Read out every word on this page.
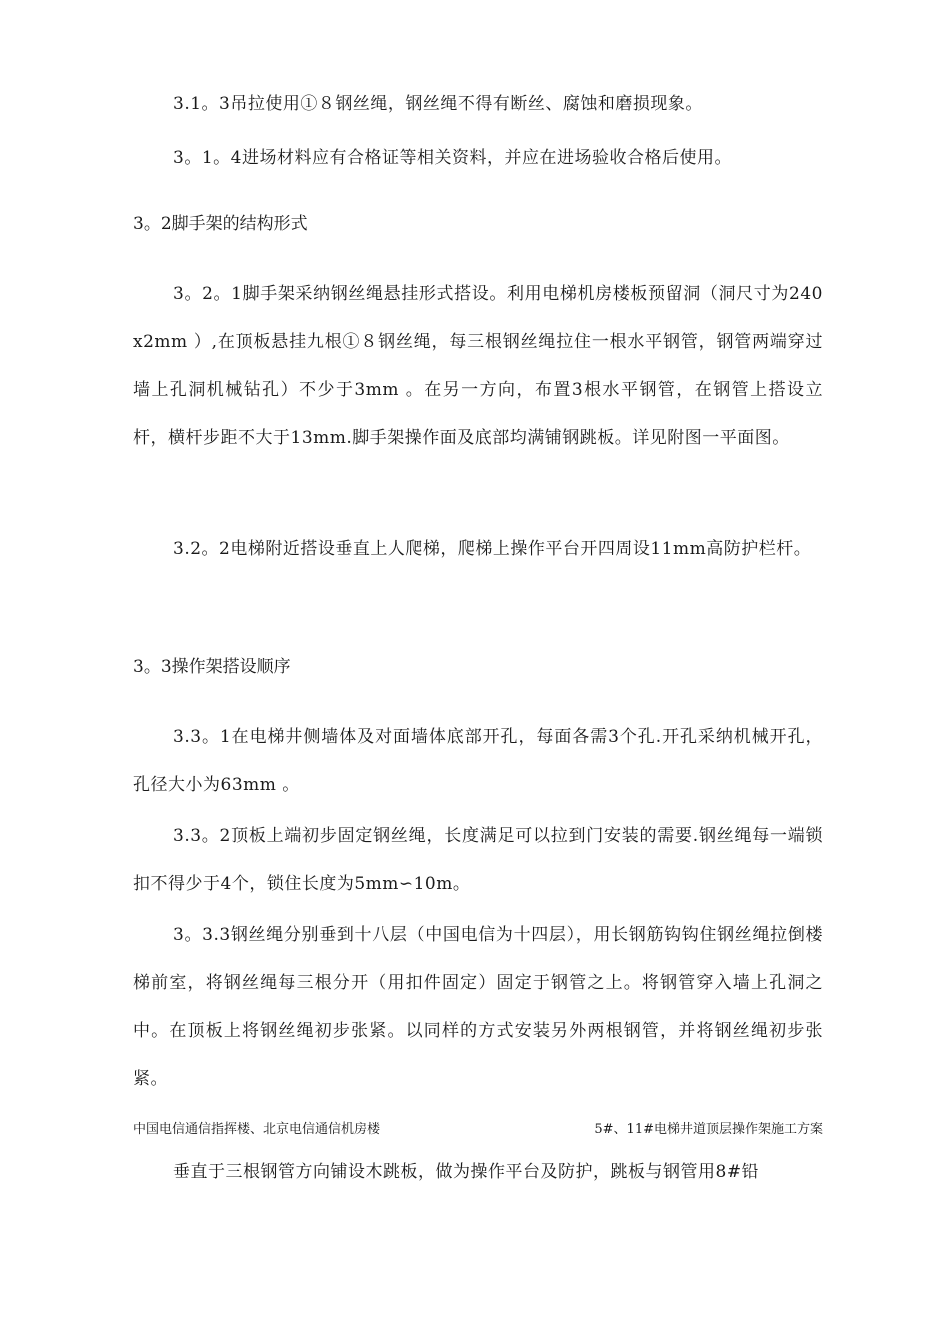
3.1。3吊拉使用①８钢丝绳，钢丝绳不得有断丝、腐蚀和磨损现象。

3。1。4进场材料应有合格证等相关资料，并应在进场验收合格后使用。

3。2脚手架的结构形式

3。2。1脚手架采纳钢丝绳悬挂形式搭设。利用电梯机房楼板预留洞（洞尺寸为240 x2mm ）,在顶板悬挂九根①８钢丝绳，每三根钢丝绳拉住一根水平钢管，钢管两端穿过墙上孔洞机械钻孔）不少于3mm 。在另一方向，布置3根水平钢管，在钢管上搭设立杆，横杆步距不大于13mm.脚手架操作面及底部均满铺钢跳板。详见附图一平面图。

3.2。2电梯附近搭设垂直上人爬梯，爬梯上操作平台开四周设11mm高防护栏杆。

3。3操作架搭设顺序

3.3。1在电梯井侧墙体及对面墙体底部开孔，每面各需3个孔.开孔采纳机械开孔，孔径大小为63mm 。

3.3。2顶板上端初步固定钢丝绳，长度满足可以拉到门安装的需要.钢丝绳每一端锁扣不得少于4个，锁住长度为5mm∽10m。

3。3.3钢丝绳分别垂到十八层（中国电信为十四层），用长钢筋钩钩住钢丝绳拉倒楼梯前室，将钢丝绳每三根分开（用扣件固定）固定于钢管之上。将钢管穿入墙上孔洞之中。在顶板上将钢丝绳初步张紧。以同样的方式安装另外两根钢管，并将钢丝绳初步张紧。

中国电信通信指挥楼、北京电信通信机房楼	5#、11#电梯井道顶层操作架施工方案

垂直于三根钢管方向铺设木跳板，做为操作平台及防护，跳板与钢管用8#铅
